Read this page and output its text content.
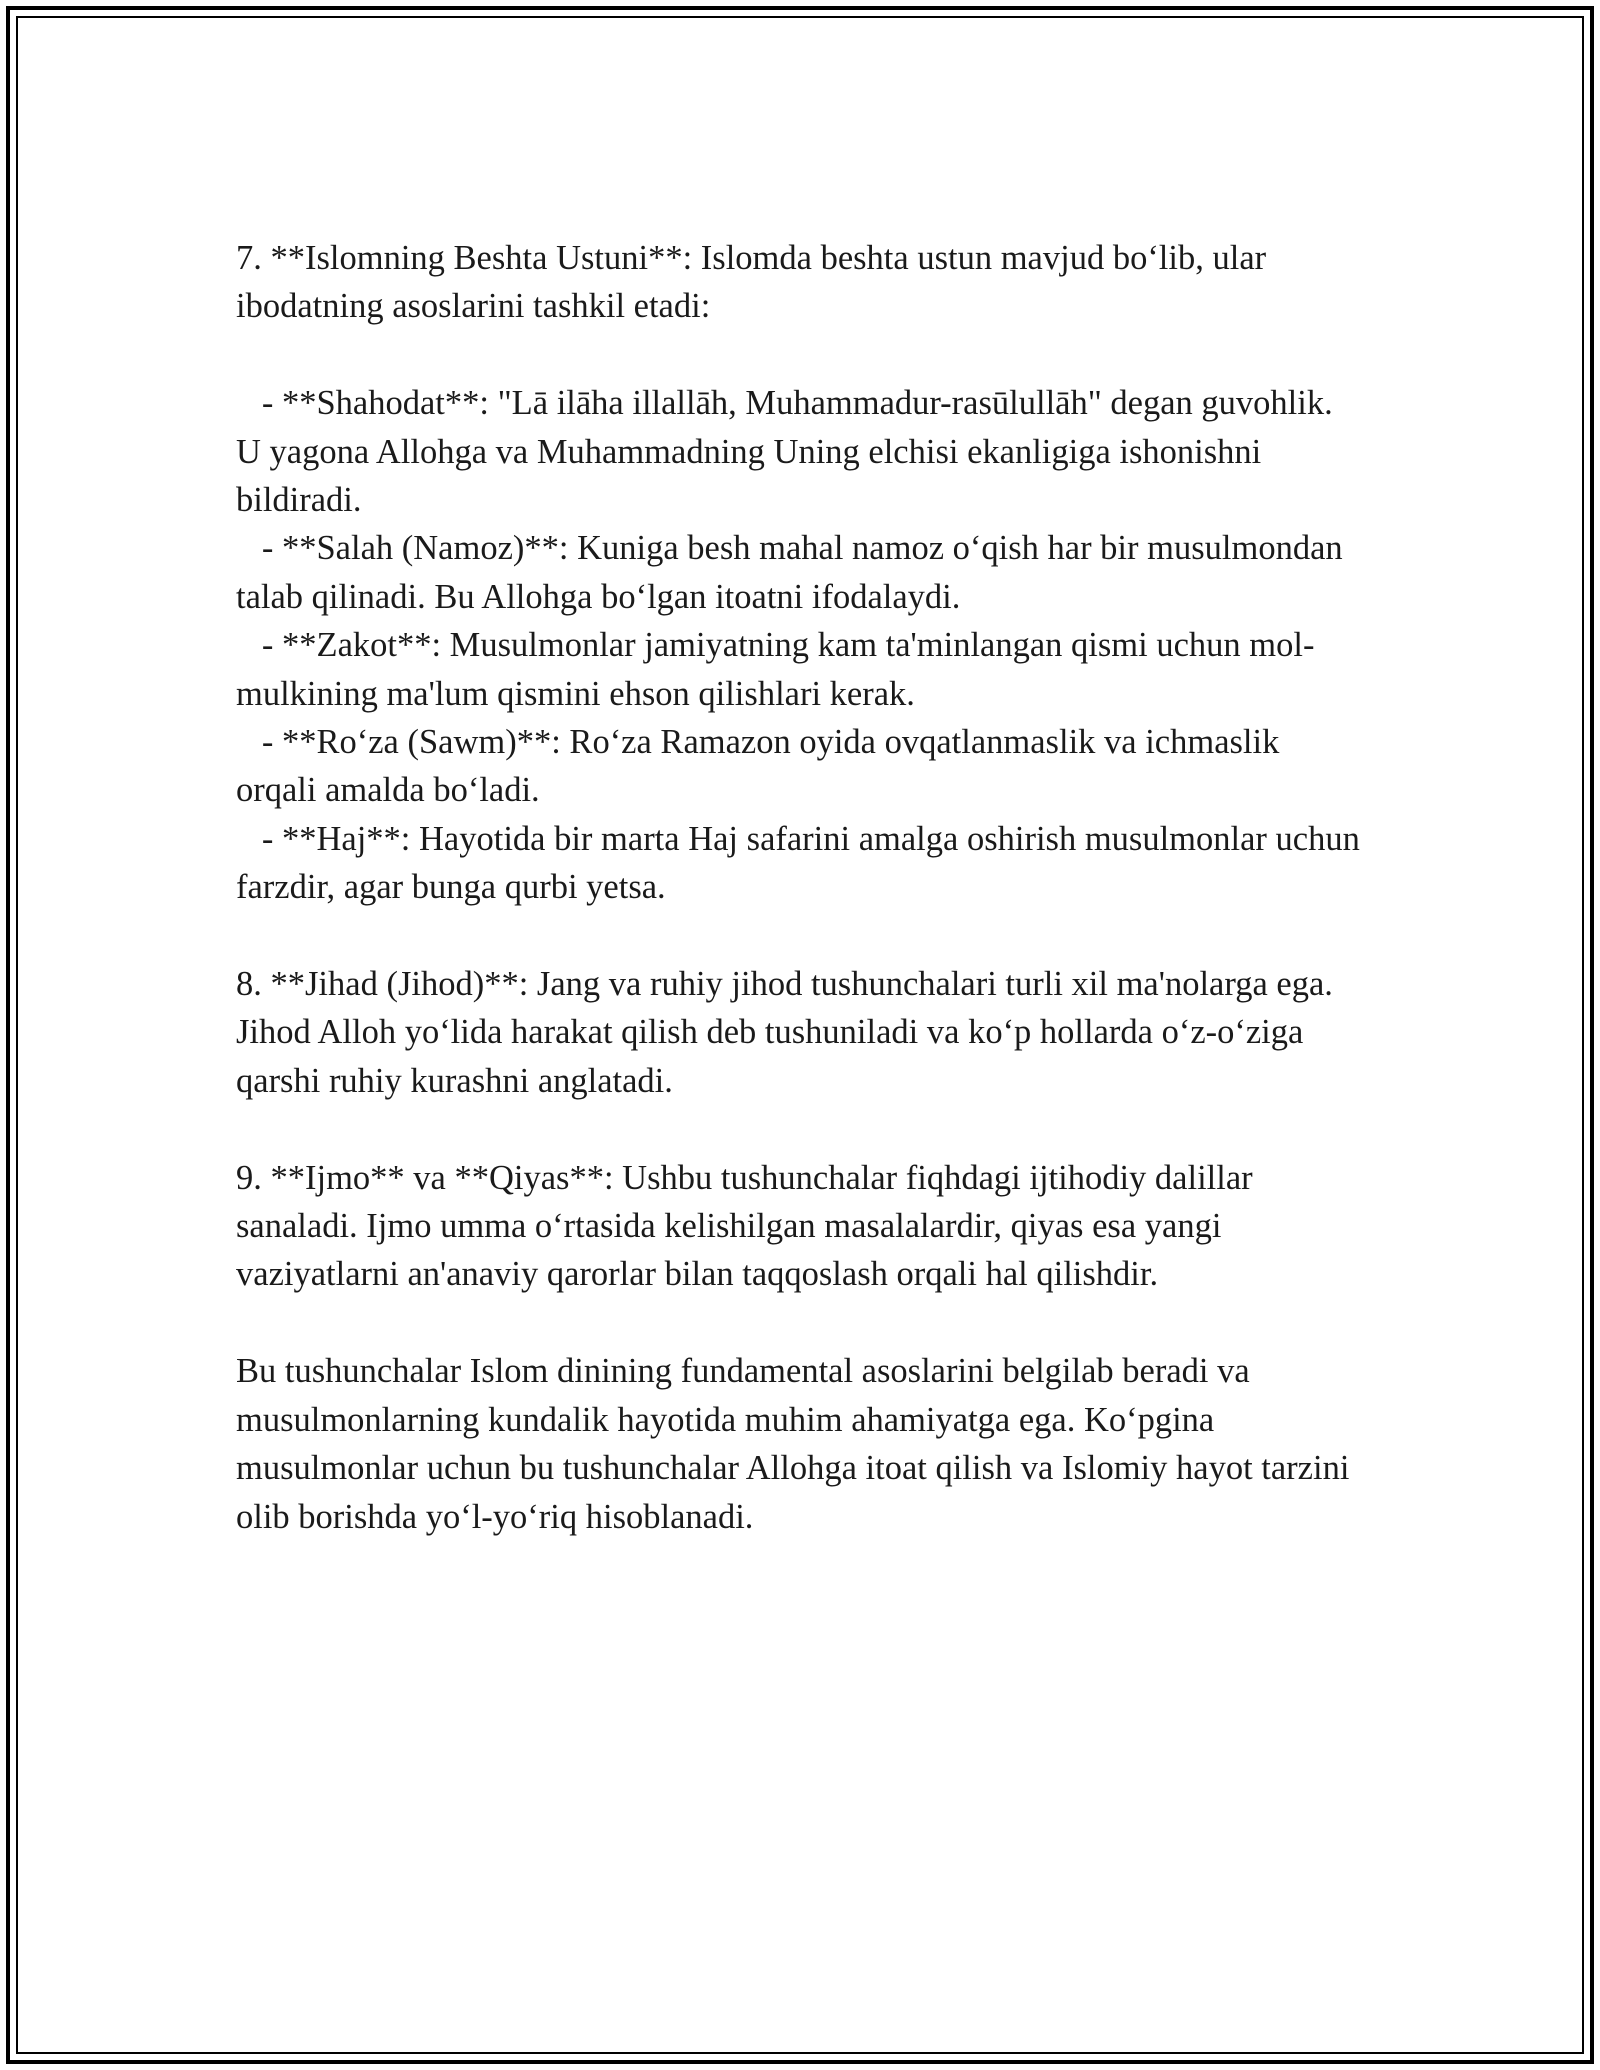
7. **Islomning Beshta Ustuni**: Islomda beshta ustun mavjud boʻlib, ular ibodatning asoslarini tashkil etadi:

- **Shahodat**: "Lā ilāha illallāh, Muhammadur-rasūlullāh" degan guvohlik. U yagona Allohga va Muhammadning Uning elchisi ekanligiga ishonishni bildiradi.

- **Salah (Namoz)**: Kuniga besh mahal namoz oʻqish har bir musulmondan talab qilinadi. Bu Allohga boʻlgan itoatni ifodalaydi.

- **Zakot**: Musulmonlar jamiyatning kam ta'minlangan qismi uchun mol-mulkining ma'lum qismini ehson qilishlari kerak.

- **Roʻza (Sawm)**: Roʻza Ramazon oyida ovqatlanmaslik va ichmaslik orqali amalda boʻladi.

- **Haj**: Hayotida bir marta Haj safarini amalga oshirish musulmonlar uchun farzdir, agar bunga qurbi yetsa.

8. **Jihad (Jihod)**: Jang va ruhiy jihod tushunchalari turli xil ma'nolarga ega. Jihod Alloh yoʻlida harakat qilish deb tushuniladi va koʻp hollarda oʻz-oʻziga qarshi ruhiy kurashni anglatadi.

9. **Ijmo** va **Qiyas**: Ushbu tushunchalar fiqhdagi ijtihodiy dalillar sanaladi. Ijmo umma oʻrtasida kelishilgan masalalardir, qiyas esa yangi vaziyatlarni an'anaviy qarorlar bilan taqqoslash orqali hal qilishdir.

Bu tushunchalar Islom dinining fundamental asoslarini belgilab beradi va musulmonlarning kundalik hayotida muhim ahamiyatga ega. Koʻpgina musulmonlar uchun bu tushunchalar Allohga itoat qilish va Islomiy hayot tarzini olib borishda yoʻl-yoʻriq hisoblanadi.
